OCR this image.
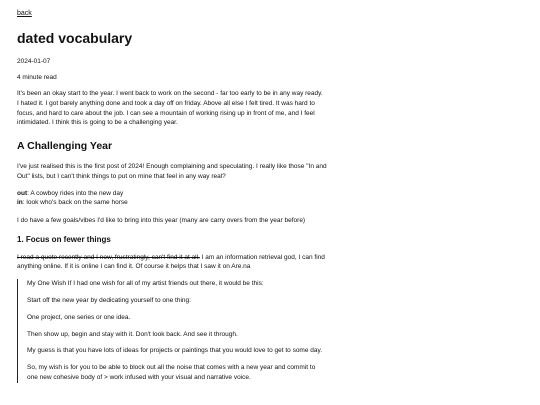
back
dated vocabulary
2024-01-07
4 minute read

It's been an okay start to the year. I went back to work on the second - far too early to be in any way ready. I hated it. I got barely anything done and took a day off on friday. Above all else I felt tired. It was hard to focus, and hard to care about the job. I can see a mountain of working rising up in front of me, and I feel intimidated. I think this is going to be a challenging year.

A Challenging Year

I've just realised this is the first post of 2024! Enough complaining and speculating. I really like those "In and Out" lists, but I can't think things to put on mine that feel in any way real?

out: A cowboy rides into the new day
in: look who's back on the same horse

I do have a few goals/vibes I'd like to bring into this year (many are carry overs from the year before)

1. Focus on fewer things

I read a quote recently and I now, frustratingly, can't find it at all. I am an information retrieval god, I can find anything online. If it is online I can find it. Of course it helps that I saw it on Are.na

My One Wish If I had one wish for all of my artist friends out there, it would be this:

Start off the new year by dedicating yourself to one thing:

One project, one series or one idea.

Then show up, begin and stay with it. Don't look back. And see it through.

My guess is that you have lots of ideas for projects or paintings that you would love to get to some day.

So, my wish is for you to be able to block out all the noise that comes with a new year and commit to one new cohesive body of > work infused with your visual and narrative voice.
